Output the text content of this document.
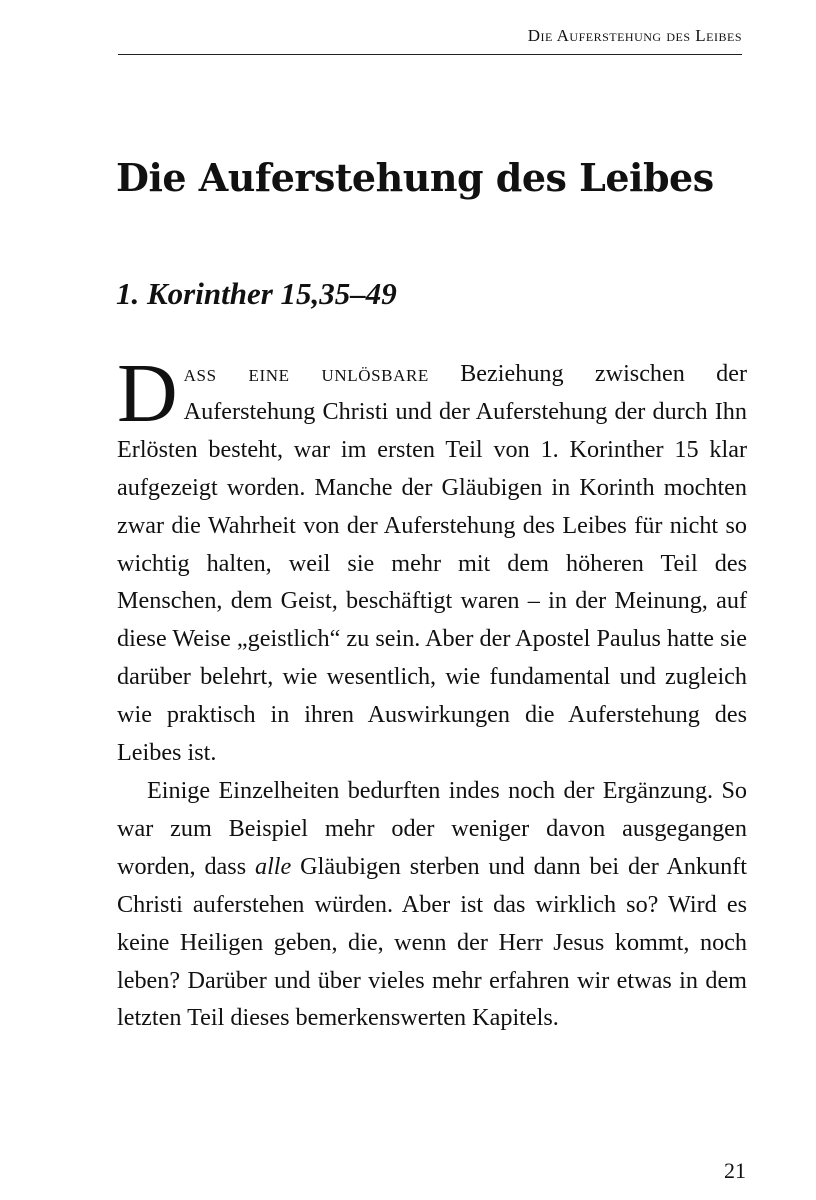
Die Auferstehung des Leibes
Die Auferstehung des Leibes
1. Korinther 15,35–49

Dass eine unlösbare Beziehung zwischen der Auferstehung Christi und der Auferstehung der durch Ihn Erlösten besteht, war im ersten Teil von 1. Korinther 15 klar aufgezeigt worden. Manche der Gläubigen in Korinth mochten zwar die Wahrheit von der Auferstehung des Leibes für nicht so wichtig halten, weil sie mehr mit dem höheren Teil des Menschen, dem Geist, beschäftigt waren – in der Meinung, auf diese Weise „geistlich“ zu sein. Aber der Apostel Paulus hatte sie darüber belehrt, wie wesentlich, wie fundamental und zugleich wie praktisch in ihren Auswirkungen die Auferstehung des Leibes ist.

Einige Einzelheiten bedurften indes noch der Ergänzung. So war zum Beispiel mehr oder weniger davon ausgegangen worden, dass alle Gläubigen sterben und dann bei der Ankunft Christi auferstehen würden. Aber ist das wirklich so? Wird es keine Heiligen geben, die, wenn der Herr Jesus kommt, noch leben? Darüber und über vieles mehr erfahren wir etwas in dem letzten Teil dieses bemerkenswerten Kapitels.

21
